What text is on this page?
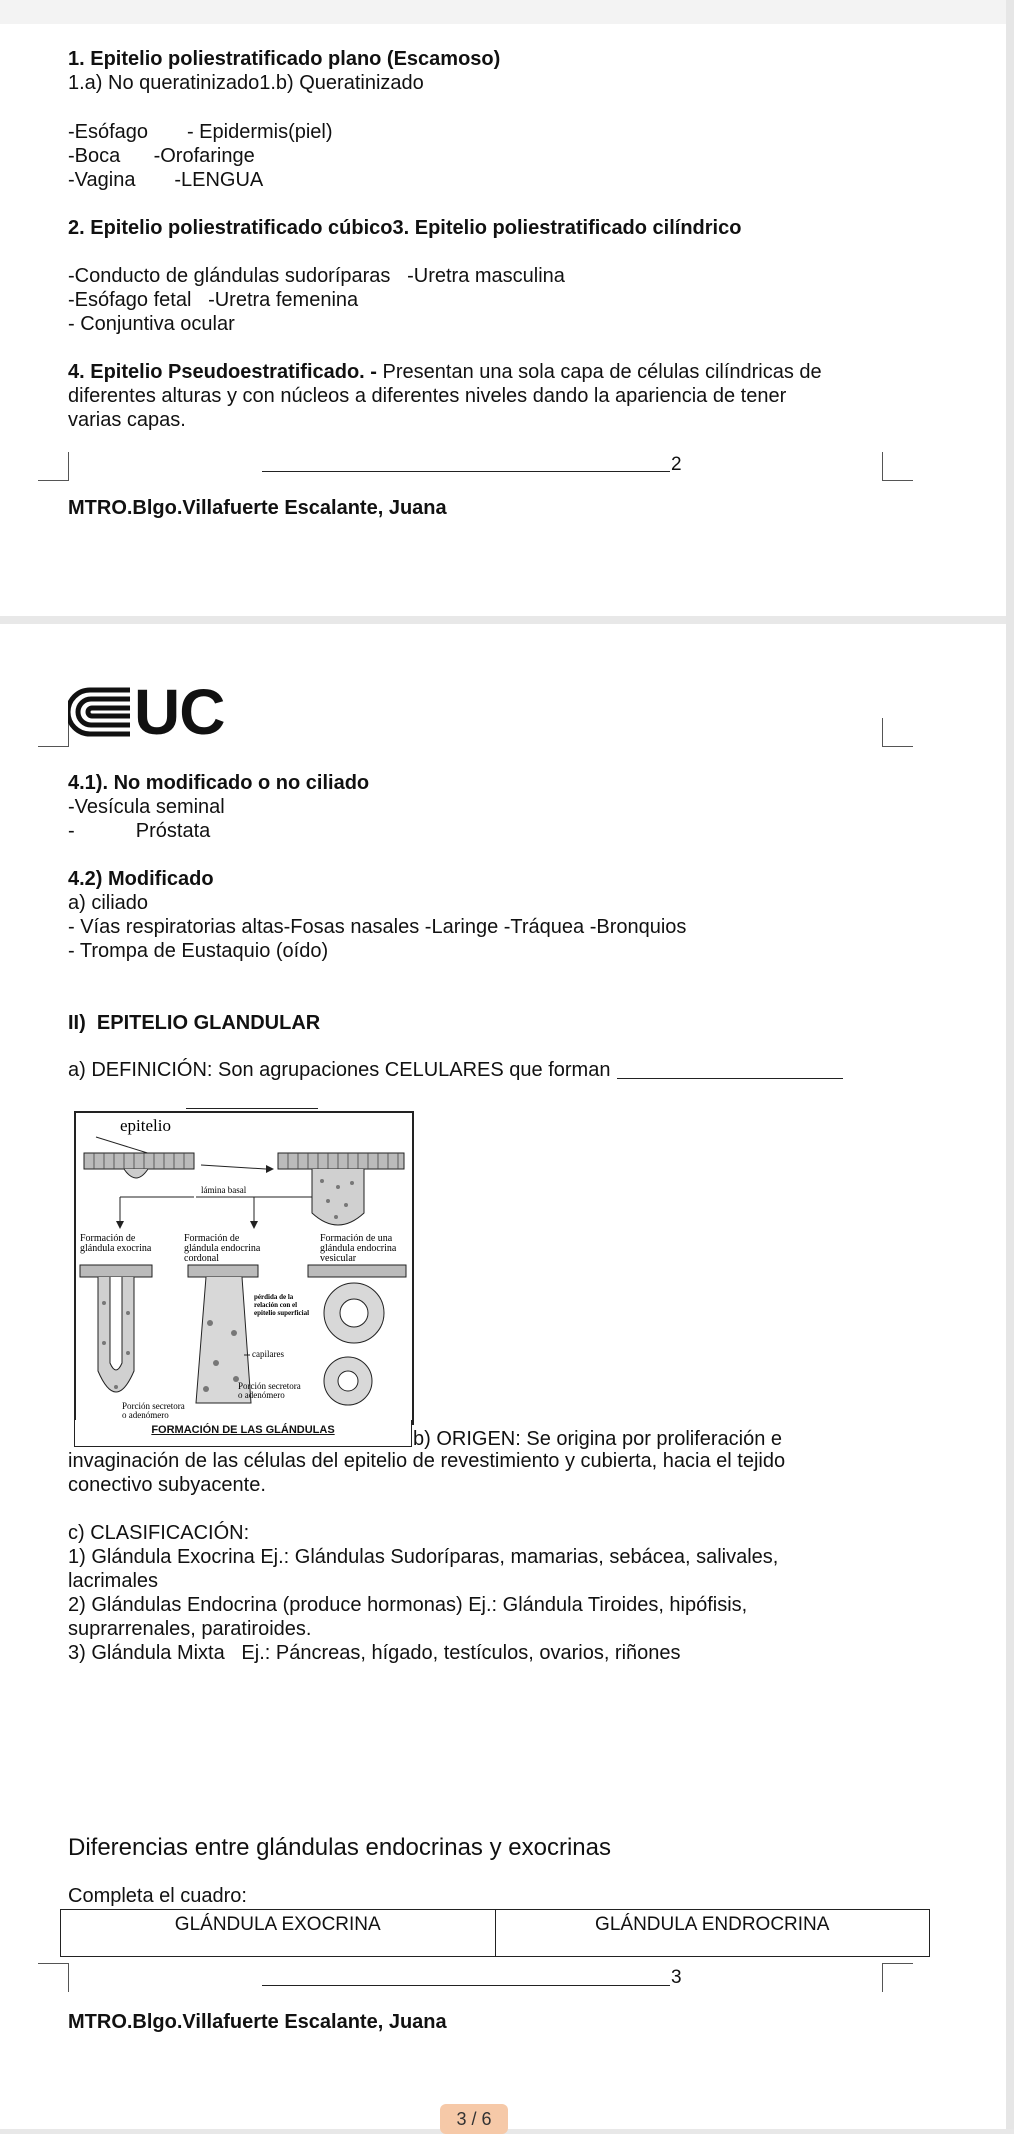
1. Epitelio poliestratificado plano (Escamoso)

1.a) No queratinizado1.b) Queratinizado

-Esófago       - Epidermis(piel)

-Boca      -Orofaringe

-Vagina       -LENGUA

2. Epitelio poliestratificado cúbico3. Epitelio poliestratificado cilíndrico

-Conducto de glándulas sudoríparas   -Uretra masculina

-Esófago fetal   -Uretra femenina

- Conjuntiva ocular

4. Epitelio Pseudoestratificado. - Presentan una sola capa de células cilíndricas de

diferentes alturas y con núcleos a diferentes niveles dando la apariencia de tener

varias capas.

2

MTRO.Blgo.Villafuerte Escalante, Juana

UC

4.1). No modificado o no ciliado

-Vesícula seminal

-           Próstata

4.2) Modificado

a) ciliado

- Vías respiratorias altas-Fosas nasales -Laringe -Tráquea -Bronquios

- Trompa de Eustaquio (oído)

II)  EPITELIO GLANDULAR

a) DEFINICIÓN: Son agrupaciones CELULARES que forman

epitelio
lámina basal
Formación de glándula exocrina
Formación de glándula endocrina cordonal
Formación de una glándula endocrina vesicular
pérdida de la relación con el epitelio superficial
capilares
Porción secretora o adenómero
Porción secretora o adenómero
FORMACIÓN DE LAS GLÁNDULAS	b) ORIGEN: Se origina por proliferación e

invaginación de las células del epitelio de revestimiento y cubierta, hacia el tejido

conectivo subyacente.

c) CLASIFICACIÓN:

1) Glándula Exocrina Ej.: Glándulas Sudoríparas, mamarias, sebácea, salivales,

lacrimales

2) Glándulas Endocrina (produce hormonas) Ej.: Glándula Tiroides, hipófisis,

suprarrenales, paratiroides.

3) Glándula Mixta   Ej.: Páncreas, hígado, testículos, ovarios, riñones

Diferencias entre glándulas endocrinas y exocrinas

Completa el cuadro:

GLÁNDULA EXOCRINA	GLÁNDULA ENDROCRINA
3

MTRO.Blgo.Villafuerte Escalante, Juana

3 / 6
